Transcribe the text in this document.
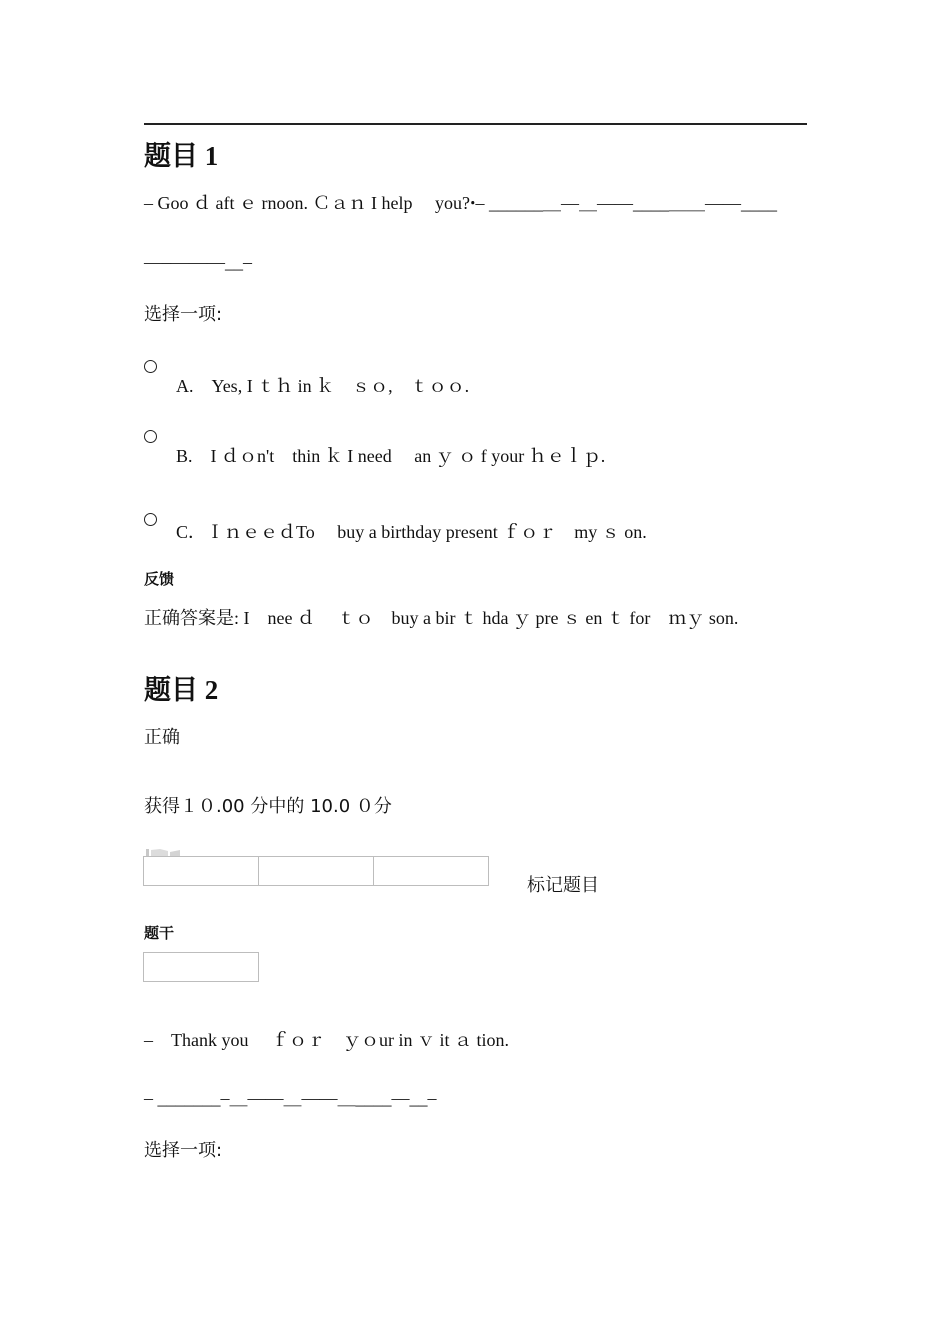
题目 1
– Goo ｄ aft ｅ rnoon. Ｃａｎ I help　 you?ꞏ– ______＿—＿——____＿＿——____
—–———__–
选择一项:
A.　Yes, I ｔｈ in ｋ　ｓｏ,　ｔｏｏ.
B.　I ｄｏn't　thin ｋ I need　 an ｙ ｏ f your ｈｅｌｐ.
C．ＩｎｅｅｄTo　 buy a birthday present ｆｏｒ　my ｓ on.
反馈
正确答案是: I　nee ｄ　 ｔｏ　buy a bir ｔ hda ｙ pre ｓ en ｔ for　ｍｙ son.
题目 2
正确
获得１０.00 分中的 10.0 ０分
标记题目
题干
–　Thank you　 ｆｏｒ　ｙｏur in ｖ it ａ tion.
– _______–＿——＿——＿____—__–
选择一项:
